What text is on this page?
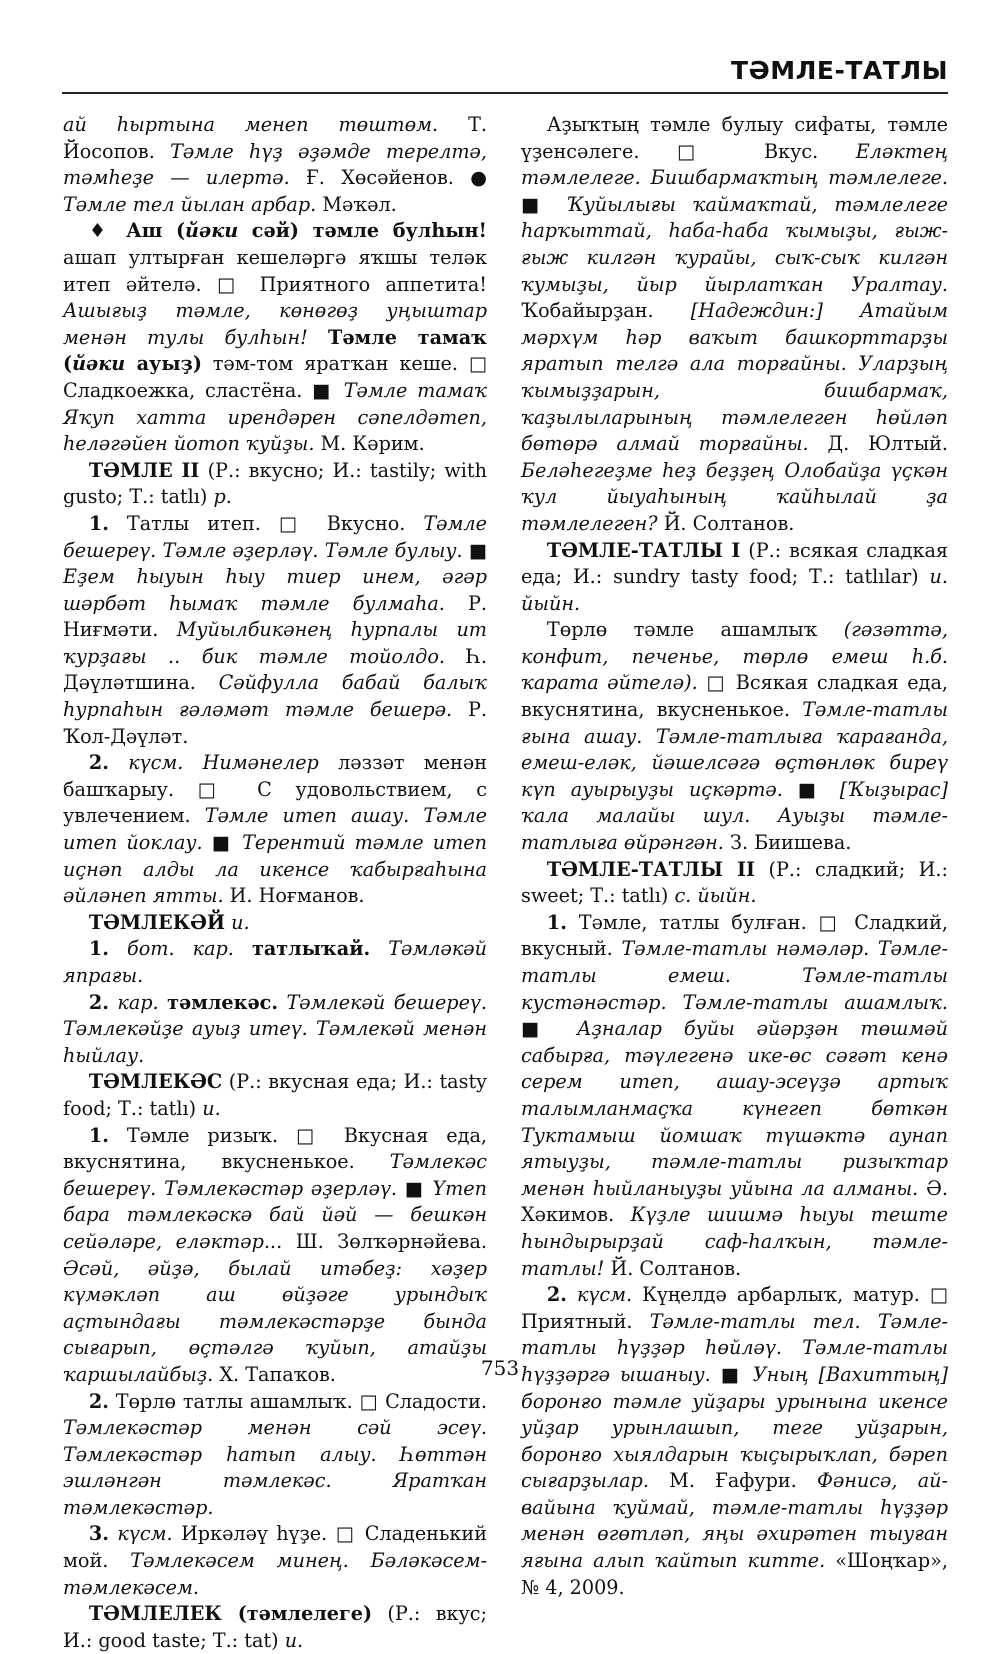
ТӘМЛЕ-ТАТЛЫ

ай һыртына менеп төштөм. Т. Йосопов. Тәмле һүҙ әҙәмде терелтә, тәмһеҙе — илертә. Ғ. Хөсәйенов. ● Тәмле тел йылан арбар. Мәҡәл.

♦ Аш (йәки сәй) тәмле булһын! ашап ултырған кешеләргә яҡшы теләк итеп әйтелә. □ Приятного аппетита! Ашығыҙ тәмле, көнөгөҙ уңыштар менән тулы булһын! Тәмле тамаҡ (йәки ауыҙ) тәм-том яратҡан кеше. □ Сладкоежка, сластёна. ■ Тәмле тамаҡ Яҡуп хатта ирендәрен сәпелдәтеп, һеләгәйен йотоп ҡуйҙы. М. Кәрим.

ТӘМЛЕ II (Р.: вкусно; И.: tastily; with gusto; Т.: tatlı) р.

1. Татлы итеп. □ Вкусно. Тәмле бешереү. Тәмле әҙерләү. Тәмле булыу. ■ Еҙем һыуын һыу тиер инем, әгәр шәрбәт һымаҡ тәмле булмаһа. Р. Ниғмәти. Муйылбикәнең һурпалы ит ҡурҙағы .. бик тәмле тойолдо. Һ. Дәүләтшина. Сәйфулла бабай балыҡ һурпаһын ғәләмәт тәмле бешерә. Р. Ҡол-Дәүләт.

2. күсм. Нимәнелер ләззәт менән башҡарыу. □ С удовольствием, с увлечением. Тәмле итеп ашау. Тәмле итеп йоклау. ■ Терентий тәмле итеп иҫнәп алды ла икенсе ҡабырғаһына әйләнеп ятты. И. Ноғманов.

ТӘМЛЕКӘЙ и.

1. бот. кар. татлыҡай. Тәмләкәй япрағы.

2. кар. тәмлекәс. Тәмлекәй бешереү. Тәмлекәйҙе ауыҙ итеү. Тәмлекәй менән һыйлау.

ТӘМЛЕКӘС (Р.: вкусная еда; И.: tasty food; Т.: tatlı) и.

1. Тәмле ризыҡ. □ Вкусная еда, вкуснятина, вкусненькое. Тәмлекәс бешереү. Тәмлекәстәр әҙерләү. ■ Үтеп бара тәмлекәскә бай йәй — бешкән сейәләре, еләктәр... Ш. Зөлҡәрнәйева. Әсәй, әйҙә, былай итәбеҙ: хәҙер күмәкләп аш өйҙәге урындыҡ аҫтындағы тәмлекәстәрҙе бында сығарып, өҫтәлгә ҡуйып, атайҙы ҡаршылайбыҙ. Х. Тапаҡов.

2. Төрлө татлы ашамлыҡ. □ Сладости. Тәмлекәстәр менән сәй эсеү. Тәмлекәстәр һатып алыу. Һөттән эшләнгән тәмлекәс. Яратҡан тәмлекәстәр.

3. күсм. Иркәләү һүҙе. □ Сладенький мой. Тәмлекәсем минең. Бәләкәсем-тәмлекәсем.

ТӘМЛЕЛЕК (тәмлелеге) (Р.: вкус; И.: good taste; Т.: tat) и.

Аҙыҡтың тәмле булыу сифаты, тәмле үҙенсәлеге. □ Вкус. Еләктең тәмлелеге. Бишбармаҡтың тәмлелеге. ■ Ҡуйылығы ҡаймаҡтай, тәмлелеге һарҡыттай, һаба-һаба ҡымыҙы, ғыж-ғыж килгән ҡурайы, сыҡ-сыҡ килгән ҡумыҙы, йыр йырлатҡан Уралтау. Ҡобайырҙан. [Надеждин:] Атайым мәрхүм һәр ваҡыт башкорттарҙы яратып телгә ала торғайны. Уларҙың ҡымыҙҙарын, бишбармаҡ, ҡаҙылыларының тәмлелеген һөйләп бөтөрә алмай торғайны. Д. Юлтый. Беләһегеҙме һеҙ беҙҙең Олобайҙа үҫкән ҡул йыуаһының ҡайһылай ҙа тәмлелеген? Й. Солтанов.

ТӘМЛЕ-ТАТЛЫ I (Р.: всякая сладкая еда; И.: sundry tasty food; Т.: tatlılar) и. йыйн.

Төрлө тәмле ашамлыҡ (гәзәттә, конфит, печенье, төрлө емеш һ.б. ҡарата әйтелә). □ Всякая сладкая еда, вкуснятина, вкусненькое. Тәмле-татлы ғына ашау. Тәмле-татлыға ҡарағанда, емеш-еләк, йәшелсәгә өҫтөнлөк биреү күп ауырыуҙы иҫкәртә. ■ [Ҡыҙырас] ҡала малайы шул. Ауыҙы тәмле-татлыға өйрәнгән. З. Биишева.

ТӘМЛЕ-ТАТЛЫ II (Р.: сладкий; И.: sweet; Т.: tatlı) с. йыйн.

1. Тәмле, татлы булған. □ Сладкий, вкусный. Тәмле-татлы нәмәләр. Тәмле-татлы емеш. Тәмле-татлы кустәнәстәр. Тәмле-татлы ашамлыҡ. ■ Аҙналар буйы әйәрҙән төшмәй сабырға, тәүлегенә ике-өс сәғәт кенә серем итеп, ашау-эсеүҙә артыҡ талымланмаҫҡа күнегеп бөткән Туктамыш йомшаҡ түшәктә аунап ятыуҙы, тәмле-татлы ризыҡтар менән һыйланыуҙы уйына ла алманы. Ә. Хәкимов. Күҙле шишмә һыуы теште һындырырҙай саф-һалҡын, тәмле-татлы! Й. Солтанов.

2. күсм. Күңелдә арбарлыҡ, матур. □ Приятный. Тәмле-татлы тел. Тәмле-татлы һүҙҙәр һөйләү. Тәмле-татлы һүҙҙәргә ышаныу. ■ Уның [Вахиттың] боронғо тәмле уйҙары урынына икенсе уйҙар урынлашып, теге уйҙарын, боронғо хыялдарын ҡыҫырыҡлап, бәреп сығарҙылар. М. Ғафури. Фәнисә, ай-вайына ҡуймай, тәмле-татлы һүҙҙәр менән өгөтләп, яңы әхирәтен тыуған яғына алып ҡайтып китте. «Шоңҡар», № 4, 2009.

753
